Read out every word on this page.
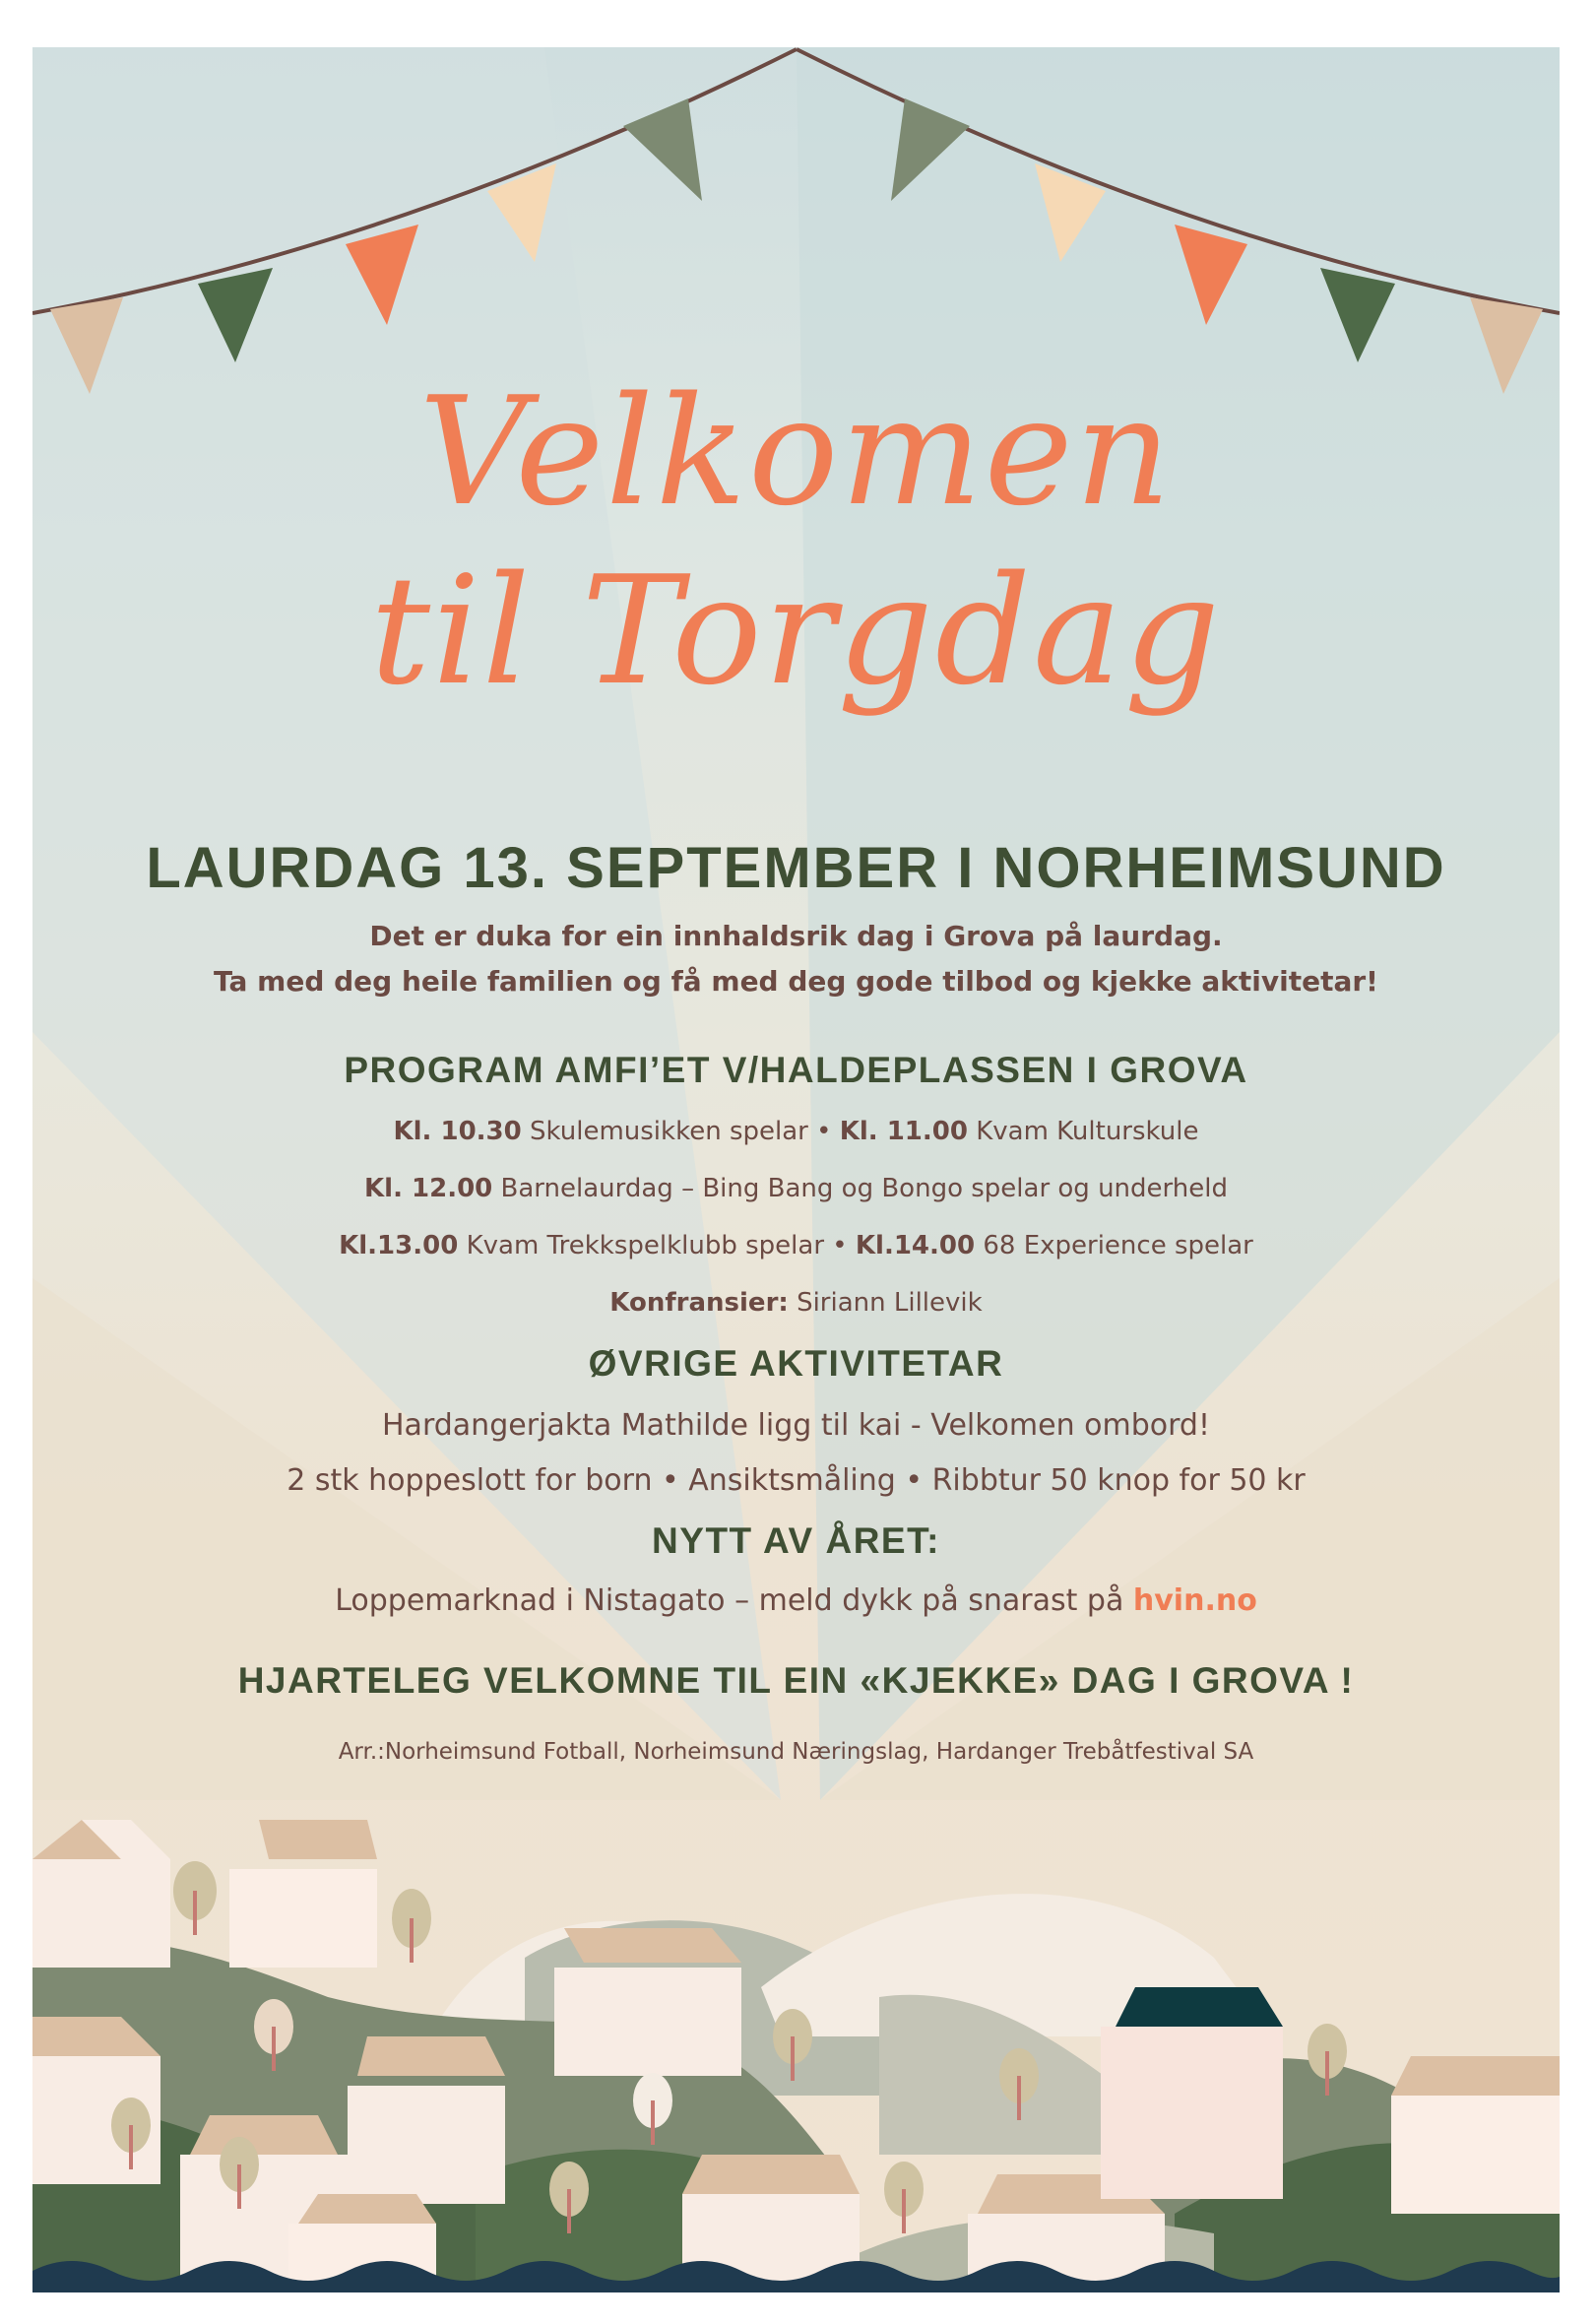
Velkomen
til Torgdag
LAURDAG 13. SEPTEMBER I NORHEIMSUND
Det er duka for ein innhaldsrik dag i Grova på laurdag.
Ta med deg heile familien og få med deg gode tilbod og kjekke aktivitetar!
PROGRAM AMFI’ET V/HALDEPLASSEN I GROVA
Kl. 10.30 Skulemusikken spelar • Kl. 11.00 Kvam Kulturskule
Kl. 12.00 Barnelaurdag – Bing Bang og Bongo spelar og underheld
Kl.13.00 Kvam Trekkspelklubb spelar • Kl.14.00 68 Experience spelar
Konfransier: Siriann Lillevik
ØVRIGE AKTIVITETAR
Hardangerjakta Mathilde ligg til kai - Velkomen ombord!
2 stk hoppeslott for born • Ansiktsmåling • Ribbtur 50 knop for 50 kr
NYTT AV ÅRET:
Loppemarknad i Nistagato – meld dykk på snarast på hvin.no
HJARTELEG VELKOMNE TIL EIN «KJEKKE» DAG I GROVA !
Arr.:Norheimsund Fotball, Norheimsund Næringslag, Hardanger Trebåtfestival SA
